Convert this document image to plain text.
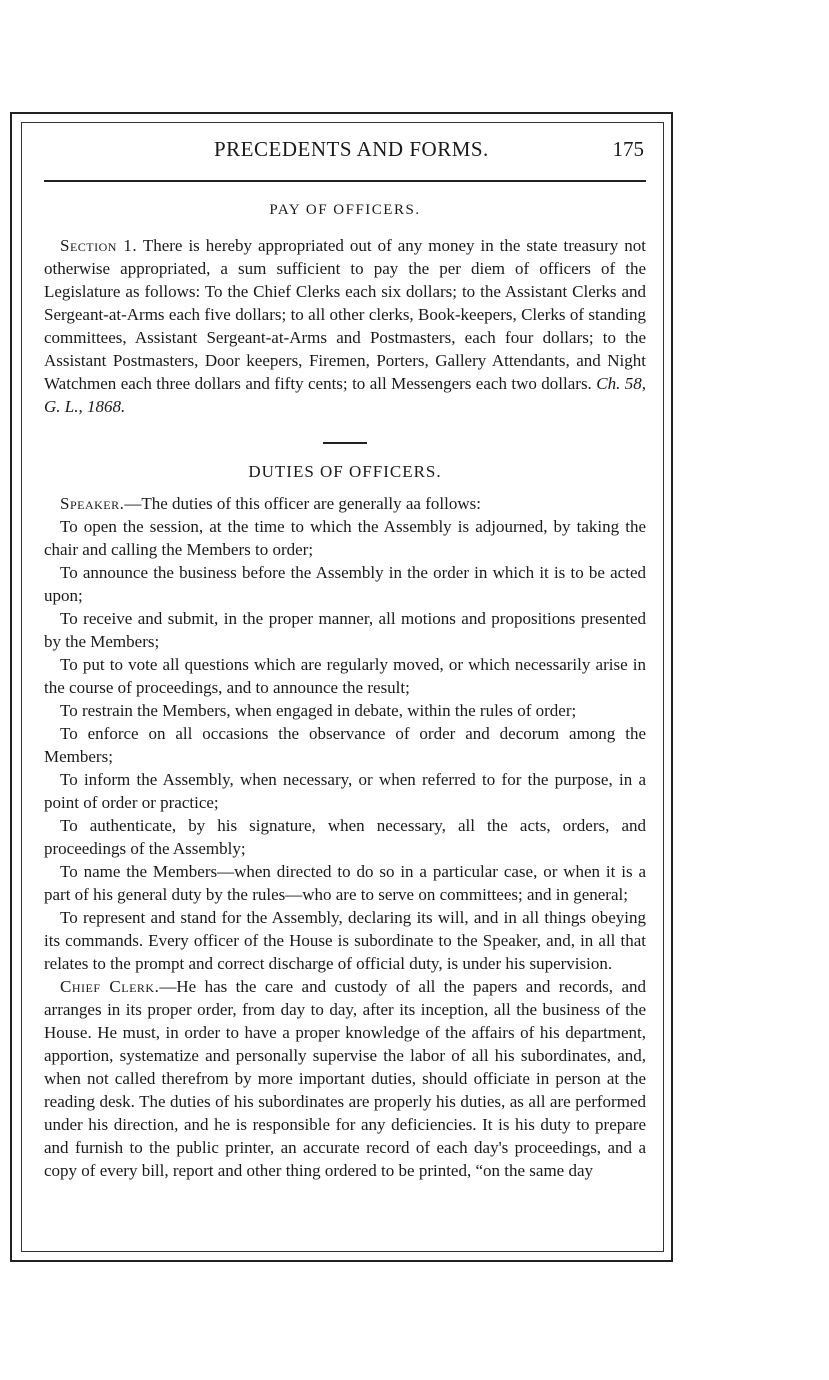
PRECEDENTS AND FORMS.	175
PAY OF OFFICERS.

Section 1. There is hereby appropriated out of any money in the state treasury not otherwise appropriated, a sum sufficient to pay the per diem of officers of the Legislature as follows: To the Chief Clerks each six dollars; to the Assistant Clerks and Sergeant-at-Arms each five dollars; to all other clerks, Book-keepers, Clerks of standing committees, Assistant Sergeant-at-Arms and Postmasters, each four dollars; to the Assistant Postmasters, Door keepers, Firemen, Porters, Gallery Attendants, and Night Watchmen each three dollars and fifty cents; to all Messengers each two dollars. Ch. 58, G. L., 1868.

DUTIES OF OFFICERS.

Speaker.—The duties of this officer are generally aa follows:

To open the session, at the time to which the Assembly is adjourned, by taking the chair and calling the Members to order;

To announce the business before the Assembly in the order in which it is to be acted upon;

To receive and submit, in the proper manner, all motions and propositions presented by the Members;

To put to vote all questions which are regularly moved, or which necessarily arise in the course of proceedings, and to announce the result;

To restrain the Members, when engaged in debate, within the rules of order;

To enforce on all occasions the observance of order and decorum among the Members;

To inform the Assembly, when necessary, or when referred to for the purpose, in a point of order or practice;

To authenticate, by his signature, when necessary, all the acts, orders, and proceedings of the Assembly;

To name the Members—when directed to do so in a particular case, or when it is a part of his general duty by the rules—who are to serve on committees; and in general;

To represent and stand for the Assembly, declaring its will, and in all things obeying its commands. Every officer of the House is subordinate to the Speaker, and, in all that relates to the prompt and correct discharge of official duty, is under his supervision.

Chief Clerk.—He has the care and custody of all the papers and records, and arranges in its proper order, from day to day, after its inception, all the business of the House. He must, in order to have a proper knowledge of the affairs of his department, apportion, systematize and personally supervise the labor of all his subordinates, and, when not called therefrom by more important duties, should officiate in person at the reading desk. The duties of his subordinates are properly his duties, as all are performed under his direction, and he is responsible for any deficiencies. It is his duty to prepare and furnish to the public printer, an accurate record of each day's proceedings, and a copy of every bill, report and other thing ordered to be printed, “on the same day
